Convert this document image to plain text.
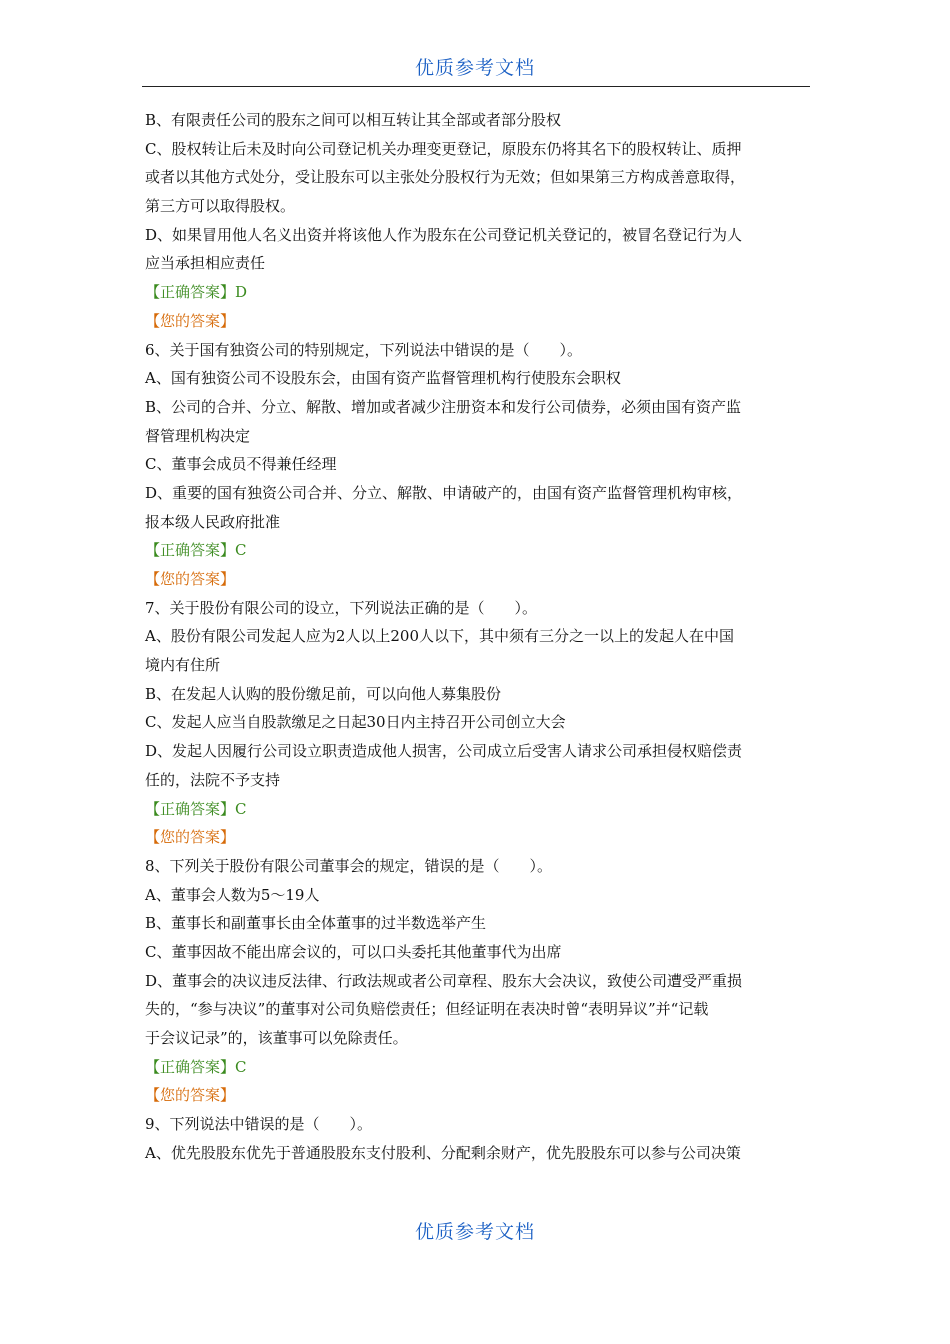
优质参考文档
B、有限责任公司的股东之间可以相互转让其全部或者部分股权
C、股权转让后未及时向公司登记机关办理变更登记，原股东仍将其名下的股权转让、质押
或者以其他方式处分，受让股东可以主张处分股权行为无效；但如果第三方构成善意取得，
第三方可以取得股权。
D、如果冒用他人名义出资并将该他人作为股东在公司登记机关登记的，被冒名登记行为人
应当承担相应责任
【正确答案】D
【您的答案】
6、关于国有独资公司的特别规定，下列说法中错误的是（　　）。
A、国有独资公司不设股东会，由国有资产监督管理机构行使股东会职权
B、公司的合并、分立、解散、增加或者减少注册资本和发行公司债券，必须由国有资产监
督管理机构决定
C、董事会成员不得兼任经理
D、重要的国有独资公司合并、分立、解散、申请破产的，由国有资产监督管理机构审核，
报本级人民政府批准
【正确答案】C
【您的答案】
7、关于股份有限公司的设立，下列说法正确的是（　　）。
A、股份有限公司发起人应为2人以上200人以下，其中须有三分之一以上的发起人在中国
境内有住所
B、在发起人认购的股份缴足前，可以向他人募集股份
C、发起人应当自股款缴足之日起30日内主持召开公司创立大会
D、发起人因履行公司设立职责造成他人损害，公司成立后受害人请求公司承担侵权赔偿责
任的，法院不予支持
【正确答案】C
【您的答案】
8、下列关于股份有限公司董事会的规定，错误的是（　　）。
A、董事会人数为5～19人
B、董事长和副董事长由全体董事的过半数选举产生
C、董事因故不能出席会议的，可以口头委托其他董事代为出席
D、董事会的决议违反法律、行政法规或者公司章程、股东大会决议，致使公司遭受严重损
失的，“参与决议”的董事对公司负赔偿责任；但经证明在表决时曾“表明异议”并“记载
于会议记录”的，该董事可以免除责任。
【正确答案】C
【您的答案】
9、下列说法中错误的是（　　）。
A、优先股股东优先于普通股股东支付股利、分配剩余财产，优先股股东可以参与公司决策
优质参考文档
